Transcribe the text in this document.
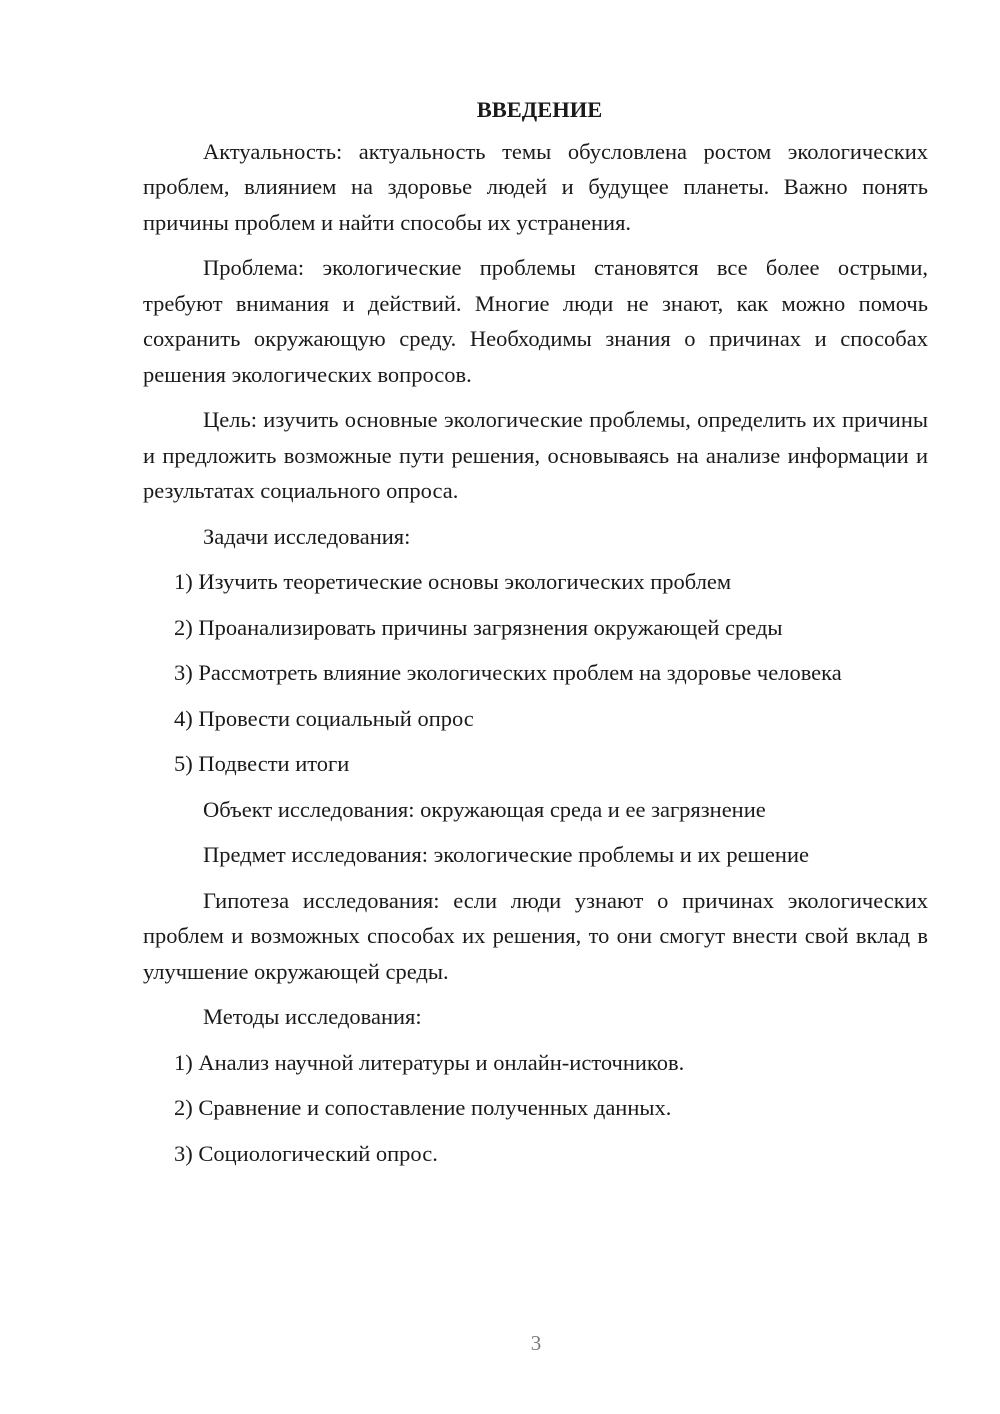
ВВЕДЕНИЕ

Актуальность: актуальность темы обусловлена ростом экологических проблем, влиянием на здоровье людей и будущее планеты. Важно понять причины проблем и найти способы их устранения.

Проблема: экологические проблемы становятся все более острыми, требуют внимания и действий. Многие люди не знают, как можно помочь сохранить окружающую среду. Необходимы знания о причинах и способах решения экологических вопросов.

Цель: изучить основные экологические проблемы, определить их причины и предложить возможные пути решения, основываясь на анализе информации и результатах социального опроса.

Задачи исследования:

1) Изучить теоретические основы экологических проблем

2) Проанализировать причины загрязнения окружающей среды

3) Рассмотреть влияние экологических проблем на здоровье человека

4) Провести социальный опрос

5) Подвести итоги

Объект исследования: окружающая среда и ее загрязнение

Предмет исследования: экологические проблемы и их решение

Гипотеза исследования: если люди узнают о причинах экологических проблем и возможных способах их решения, то они смогут внести свой вклад в улучшение окружающей среды.

Методы исследования:

1) Анализ научной литературы и онлайн-источников.

2) Сравнение и сопоставление полученных данных.

3) Социологический опрос.

3
